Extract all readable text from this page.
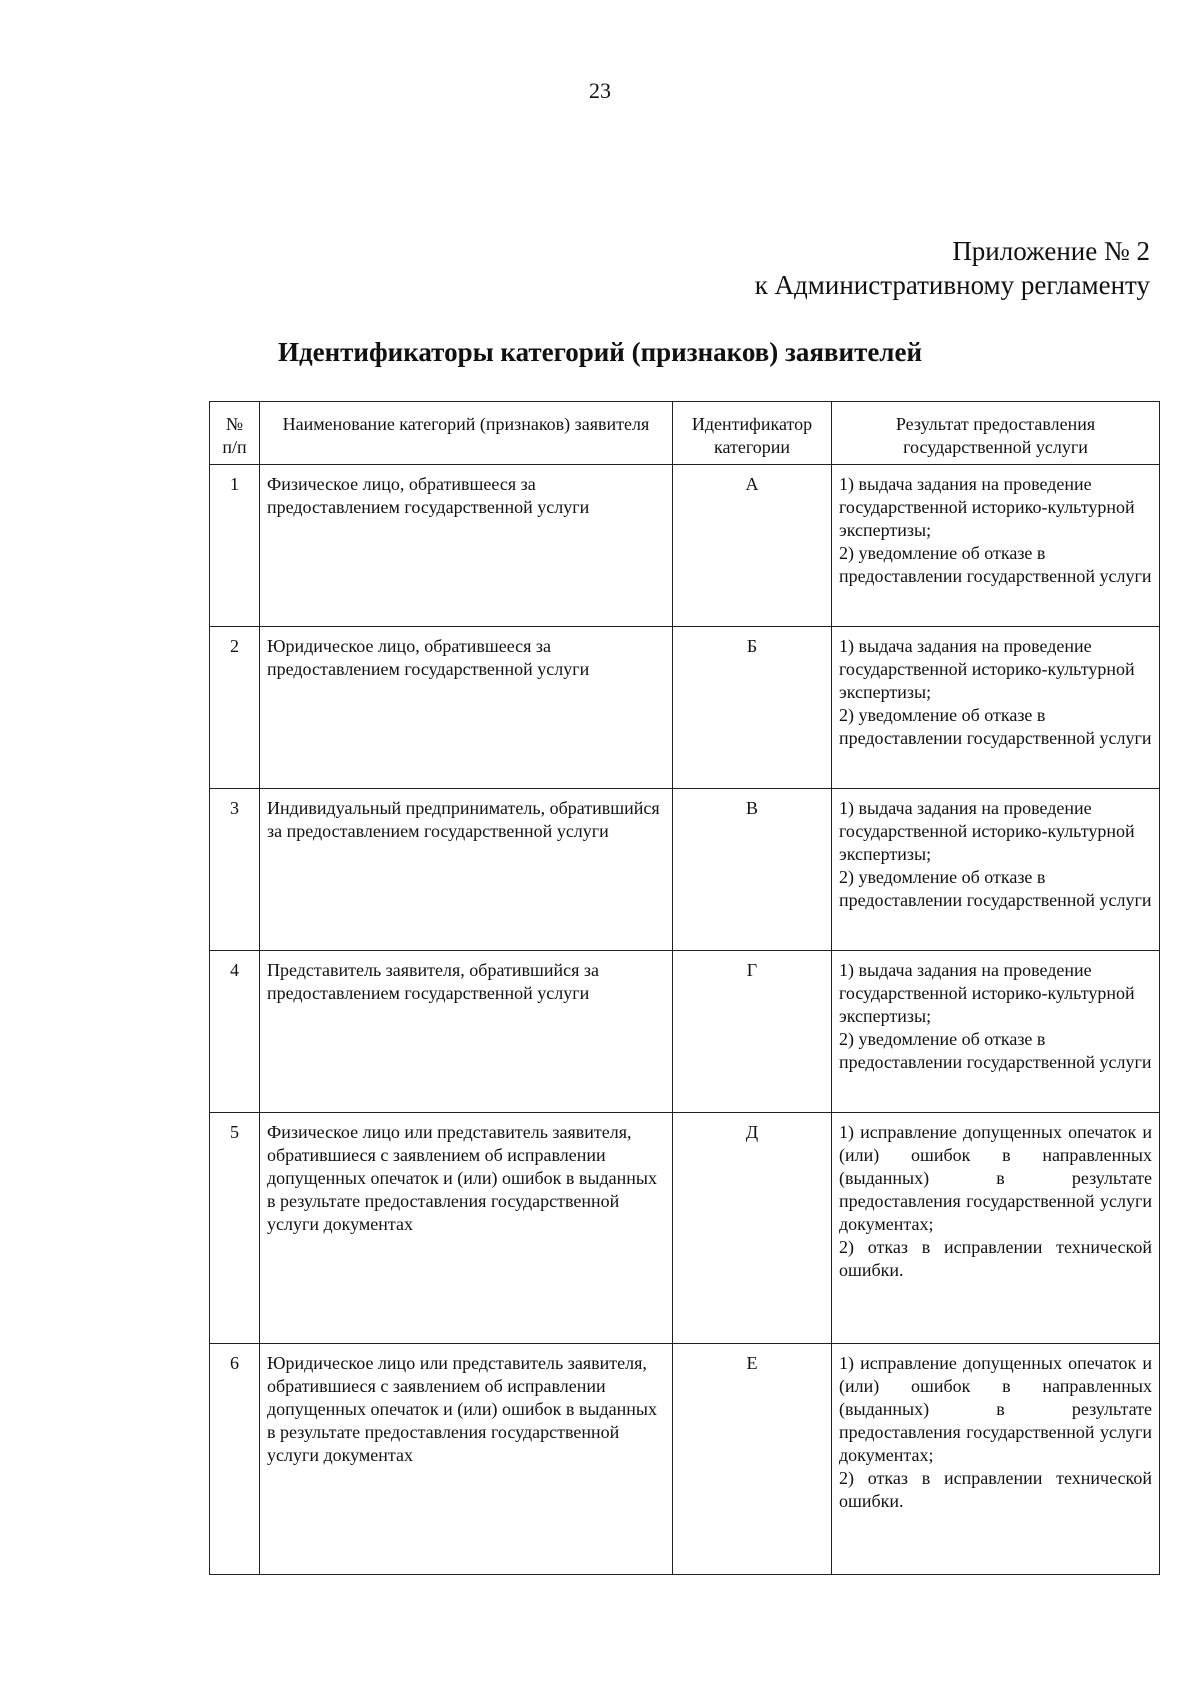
23
Приложение № 2
к Административному регламенту
Идентификаторы категорий (признаков) заявителей
№ п/п	Наименование категорий (признаков) заявителя	Идентификатор категории	Результат предоставления государственной услуги
1	Физическое лицо, обратившееся за предоставлением государственной услуги	А	1) выдача задания на проведение государственной историко-культурной экспертизы;
2) уведомление об отказе в предоставлении государственной услуги
2	Юридическое лицо, обратившееся за предоставлением государственной услуги	Б	1) выдача задания на проведение государственной историко-культурной экспертизы;
2) уведомление об отказе в предоставлении государственной услуги
3	Индивидуальный предприниматель, обратившийся за предоставлением государственной услуги	В	1) выдача задания на проведение государственной историко-культурной экспертизы;
2) уведомление об отказе в предоставлении государственной услуги
4	Представитель заявителя, обратившийся за предоставлением государственной услуги	Г	1) выдача задания на проведение государственной историко-культурной экспертизы;
2) уведомление об отказе в предоставлении государственной услуги
5	Физическое лицо или представитель заявителя, обратившиеся с заявлением об исправлении допущенных опечаток и (или) ошибок в выданных в результате предоставления государственной услуги документах	Д	1) исправление допущенных опечаток и (или) ошибок в направленных (выданных) в результате предоставления государственной услуги документах;
2) отказ в исправлении технической ошибки.
6	Юридическое лицо или представитель заявителя, обратившиеся с заявлением об исправлении допущенных опечаток и (или) ошибок в выданных в результате предоставления государственной услуги документах	Е	1) исправление допущенных опечаток и (или) ошибок в направленных (выданных) в результате предоставления государственной услуги документах;
2) отказ в исправлении технической ошибки.
